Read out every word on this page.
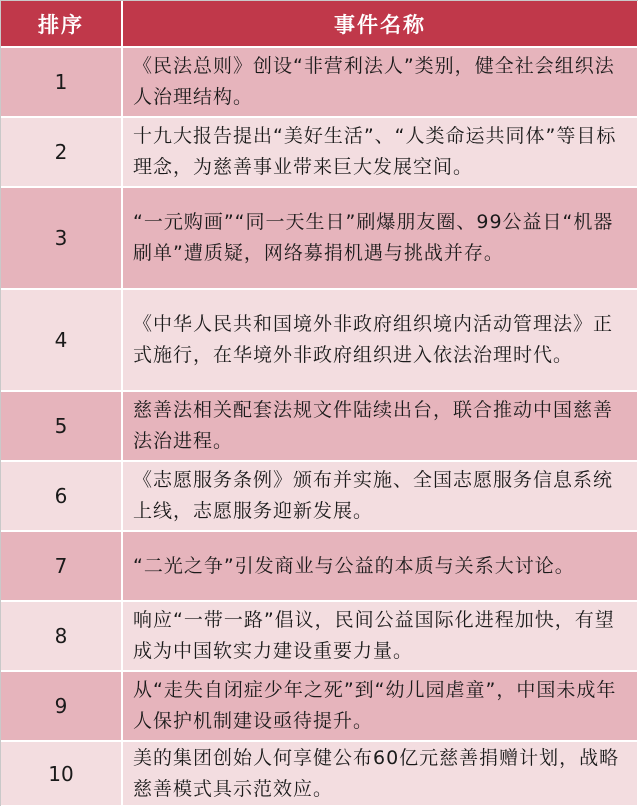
排序	事件名称
1
《民法总则》创设“非营利法人”类别，健全社会组织法人治理结构。
2
十九大报告提出“美好生活”、“人类命运共同体”等目标理念，为慈善事业带来巨大发展空间。
3
“一元购画”“同一天生日”刷爆朋友圈、99公益日“机器刷单”遭质疑，网络募捐机遇与挑战并存。
4
《中华人民共和国境外非政府组织境内活动管理法》正式施行，在华境外非政府组织进入依法治理时代。
5
慈善法相关配套法规文件陆续出台，联合推动中国慈善法治进程。
6
《志愿服务条例》颁布并实施、全国志愿服务信息系统上线，志愿服务迎新发展。
7	“二光之争”引发商业与公益的本质与关系大讨论。
8
响应“一带一路”倡议，民间公益国际化进程加快，有望成为中国软实力建设重要力量。
9
从“走失自闭症少年之死”到“幼儿园虐童”，中国未成年人保护机制建设亟待提升。
10
美的集团创始人何享健公布60亿元慈善捐赠计划，战略慈善模式具示范效应。
